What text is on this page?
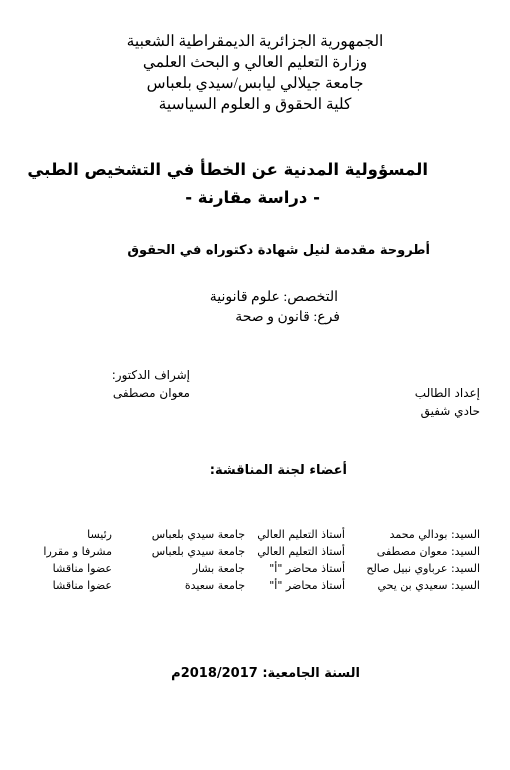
الجمهورية الجزائرية الديمقراطية الشعبية
وزارة التعليم العالي و البحث العلمي
جامعة جيلالي ليابس/سيدي بلعباس
كلية الحقوق و العلوم السياسية
المسؤولية المدنية عن الخطأ في التشخيص الطبي
- دراسة مقارنة -
أطروحة مقدمة لنيل شهادة دكتوراه في الحقوق
التخصص: علوم قانونية
فرع: قانون و صحة
إشراف الدكتور:
معوان مصطفى	إعداد الطالب
حادي شفيق
أعضاء لجنة المناقشة:
السيد: بودالي محمد
أستاذ التعليم العالي
جامعة سيدي بلعباس
رئيسا
السيد: معوان مصطفى
أستاذ التعليم العالي
جامعة سيدي بلعباس
مشرفا و مقررا
السيد: عرباوي نبيل صالح
أستاذ محاضر "أ"
جامعة بشار
عضوا مناقشا
السيد: سعيدي بن يحي
أستاذ محاضر "أ"
جامعة سعيدة
عضوا مناقشا
السنة الجامعية: 2018/2017م
